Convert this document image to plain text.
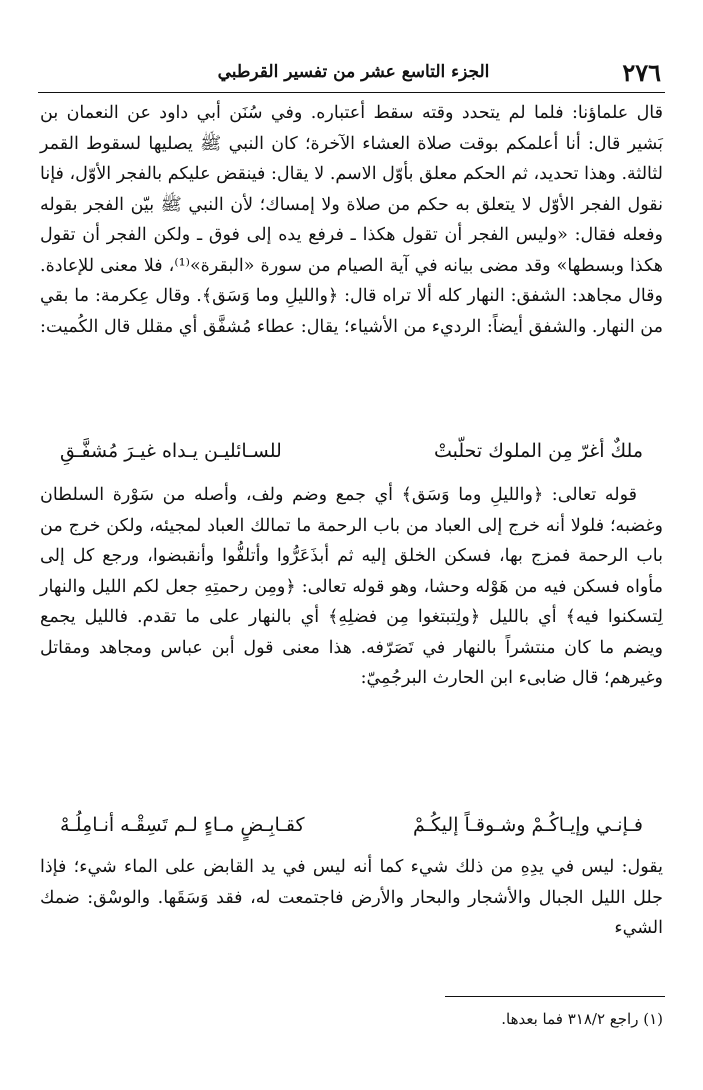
٢٧٦
الجزء التاسع عشر من تفسير القرطبي

قال علماؤنا: فلما لم يتحدد وقته سقط أعتباره. وفي سُنَن أبي داود عن النعمان بن بَشير قال: أنا أعلمكم بوقت صلاة العشاء الآخرة؛ كان النبي ﷺ يصليها لسقوط القمر لثالثة. وهذا تحديد، ثم الحكم معلق بأوّل الاسم. لا يقال: فينقض عليكم بالفجر الأوّل، فإنا نقول الفجر الأوّل لا يتعلق به حكم من صلاة ولا إمساك؛ لأن النبي ﷺ بيّن الفجر بقوله وفعله فقال: «وليس الفجر أن تقول هكذا ـ فرفع يده إلى فوق ـ ولكن الفجر أن تقول هكذا وبسطها» وقد مضى بيانه في آية الصيام من سورة «البقرة»⁽¹⁾، فلا معنى للإعادة. وقال مجاهد: الشفق: النهار كله ألا تراه قال: ﴿والليلِ وما وَسَق﴾. وقال عِكرمة: ما بقي من النهار. والشفق أيضاً: الرديء من الأشياء؛ يقال: عطاء مُشفَّق أي مقلل قال الكُميت:

ملكٌ أغرّ مِن الملوك تحلّبتْ
للسـائليـن يـداه غيـرَ مُشفَّـقِ

قوله تعالى: ﴿والليلِ وما وَسَق﴾ أي جمع وضم ولف، وأصله من سَوْرة السلطان وغضبه؛ فلولا أنه خرج إلى العباد من باب الرحمة ما تمالك العباد لمجيئه، ولكن خرج من باب الرحمة فمزج بها، فسكن الخلق إليه ثم أبذَعَرُّوا وأتلفُّوا وأنقبضوا، ورجع كل إلى مأواه فسكن فيه من هَوْله وحشا، وهو قوله تعالى: ﴿ومِن رحمتِهِ جعل لكم الليل والنهار لِتسكنوا فيه﴾ أي بالليل ﴿ولِتبتغوا مِن فضلِهِ﴾ أي بالنهار على ما تقدم. فالليل يجمع ويضم ما كان منتشراً بالنهار في تَصَرّفه. هذا معنى قول أبن عباس ومجاهد ومقاتل وغيرهم؛ قال ضابىء ابن الحارث البرجُمِيّ:

فـإنـي وإيـاكُـمْ وشـوقـاً إليكُـمْ
كقـابِـضٍ مـاءٍ لـم تَسِقْـه أنـامِلُـهْ

يقول: ليس في يدِهِ من ذلك شيء كما أنه ليس في يد القابض على الماء شيء؛ فإذا جلل الليل الجبال والأشجار والبحار والأرض فاجتمعت له، فقد وَسَقَها. والوسْق: ضمك الشيء

(١) راجع ٣١٨/٢ فما بعدها.
